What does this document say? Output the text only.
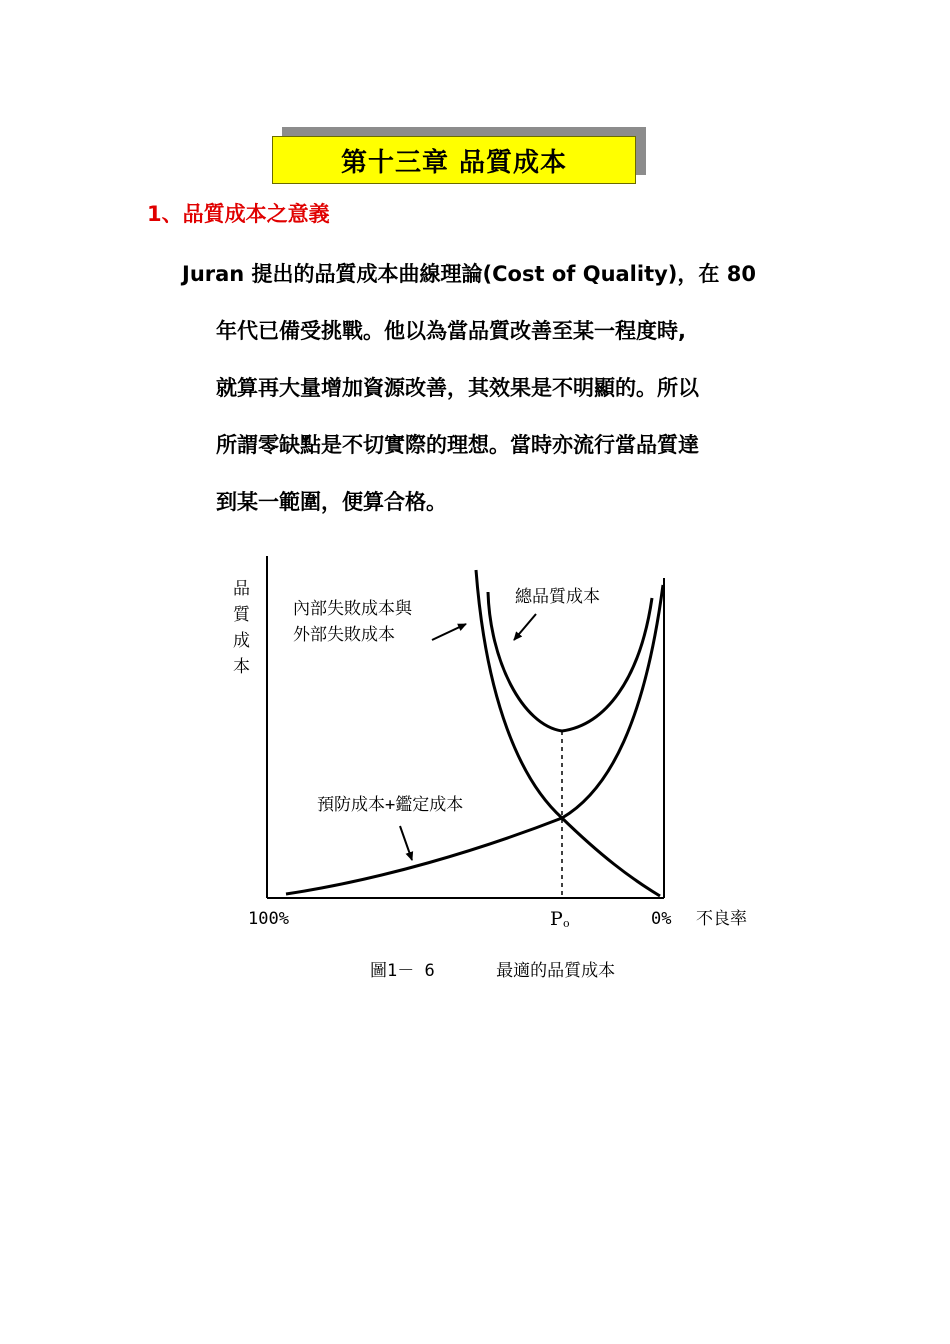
第十三章 品質成本
1、品質成本之意義
Juran 提出的品質成本曲線理論(Cost of Quality)，在 80
年代已備受挑戰。他以為當品質改善至某一程度時,
就算再大量增加資源改善，其效果是不明顯的。所以
所謂零缺點是不切實際的理想。當時亦流行當品質達
到某一範圍，便算合格。
品
質
成
本
內部失敗成本與
外部失敗成本
總品質成本
預防成本+鑑定成本
100%	0% 不良率
P o
圖1－ 6      最適的品質成本
